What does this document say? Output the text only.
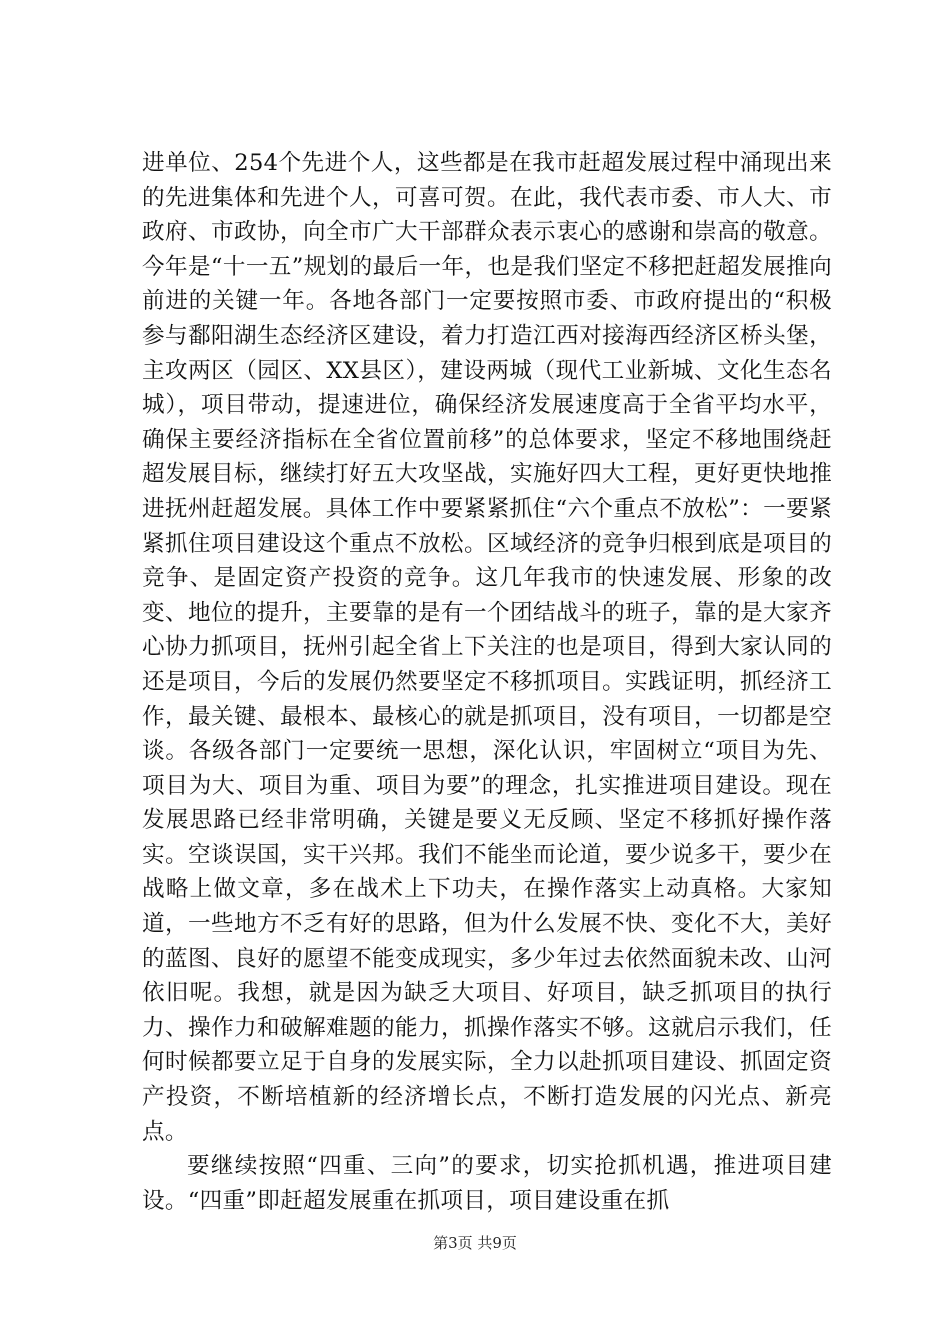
进单位、254个先进个人，这些都是在我市赶超发展过程中涌现出来的先进集体和先进个人，可喜可贺。在此，我代表市委、市人大、市政府、市政协，向全市广大干部群众表示衷心的感谢和崇高的敬意。今年是“十一五”规划的最后一年，也是我们坚定不移把赶超发展推向前进的关键一年。各地各部门一定要按照市委、市政府提出的“积极参与鄱阳湖生态经济区建设，着力打造江西对接海西经济区桥头堡，主攻两区（园区、XX县区），建设两城（现代工业新城、文化生态名城），项目带动，提速进位，确保经济发展速度高于全省平均水平，确保主要经济指标在全省位置前移”的总体要求，坚定不移地围绕赶超发展目标，继续打好五大攻坚战，实施好四大工程，更好更快地推进抚州赶超发展。具体工作中要紧紧抓住“六个重点不放松”：一要紧紧抓住项目建设这个重点不放松。区域经济的竞争归根到底是项目的竞争、是固定资产投资的竞争。这几年我市的快速发展、形象的改变、地位的提升，主要靠的是有一个团结战斗的班子，靠的是大家齐心协力抓项目，抚州引起全省上下关注的也是项目，得到大家认同的还是项目，今后的发展仍然要坚定不移抓项目。实践证明，抓经济工作，最关键、最根本、最核心的就是抓项目，没有项目，一切都是空谈。各级各部门一定要统一思想，深化认识，牢固树立“项目为先、项目为大、项目为重、项目为要”的理念，扎实推进项目建设。现在发展思路已经非常明确，关键是要义无反顾、坚定不移抓好操作落实。空谈误国，实干兴邦。我们不能坐而论道，要少说多干，要少在战略上做文章，多在战术上下功夫，在操作落实上动真格。大家知道，一些地方不乏有好的思路，但为什么发展不快、变化不大，美好的蓝图、良好的愿望不能变成现实，多少年过去依然面貌未改、山河依旧呢。我想，就是因为缺乏大项目、好项目，缺乏抓项目的执行力、操作力和破解难题的能力，抓操作落实不够。这就启示我们，任何时候都要立足于自身的发展实际，全力以赴抓项目建设、抓固定资产投资，不断培植新的经济增长点，不断打造发展的闪光点、新亮点。

要继续按照“四重、三向”的要求，切实抢抓机遇，推进项目建设。“四重”即赶超发展重在抓项目，项目建设重在抓

第3页 共9页
